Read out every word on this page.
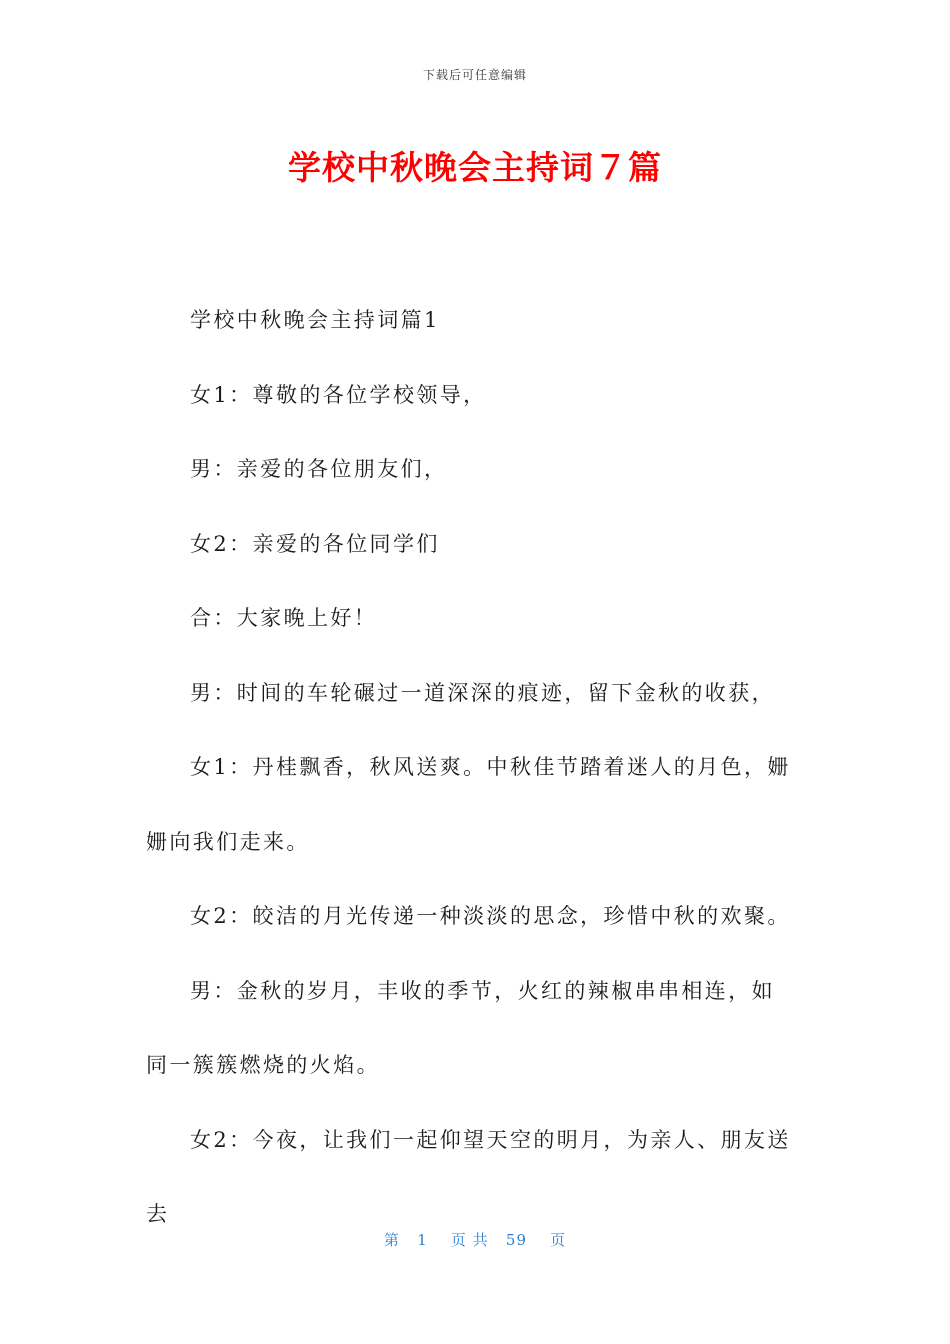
下载后可任意编辑
学校中秋晚会主持词７篇

学校中秋晚会主持词篇1

女1：尊敬的各位学校领导，

男：亲爱的各位朋友们，

女2：亲爱的各位同学们

合：大家晚上好！

男：时间的车轮碾过一道深深的痕迹，留下金秋的收获，

女1：丹桂飘香，秋风送爽。中秋佳节踏着迷人的月色，姗姗向我们走来。

女2：皎洁的月光传递一种淡淡的思念，珍惜中秋的欢聚。

男：金秋的岁月，丰收的季节，火红的辣椒串串相连，如同一簇簇燃烧的火焰。

女2：今夜，让我们一起仰望天空的明月，为亲人、朋友送去

第   1    页 共   59    页
